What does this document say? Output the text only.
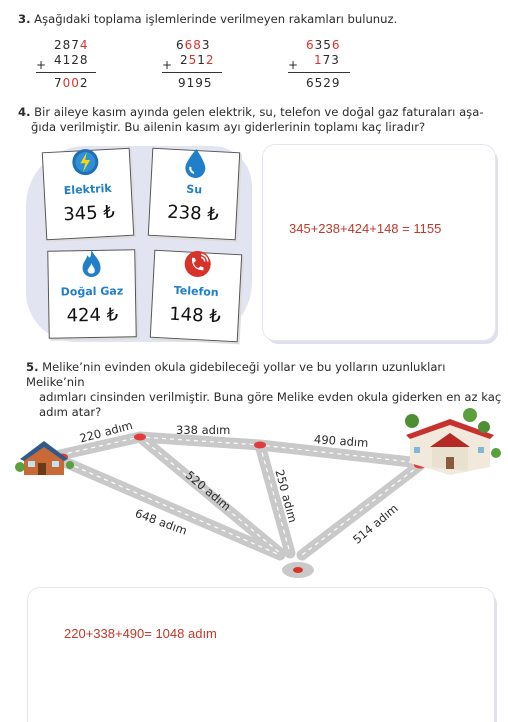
3. Aşağıdaki toplama işlemlerinde verilmeyen rakamları bulunuz.
2874
4128
7002
+
6683
2512
9195
+
6356
173
6529
+
4. Bir aileye kasım ayında gelen elektrik, su, telefon ve doğal gaz faturaları aşa-
ğıda verilmiştir. Bu ailenin kasım ayı giderlerinin toplamı kaç liradır?
Elektrik
345 ₺
Su
238 ₺
Doğal Gaz
424 ₺
Telefon
148 ₺
345+238+424+148 = 1155
5. Melike’nin evinden okula gidebileceği yollar ve bu yolların uzunlukları Melike’nin
adımları cinsinden verilmiştir. Buna göre Melike evden okula giderken en az kaç
adım atar?
220 adım	338 adım
490 adım
520 adım	250 adım
648 adım	514 adım
220+338+490= 1048 adım
